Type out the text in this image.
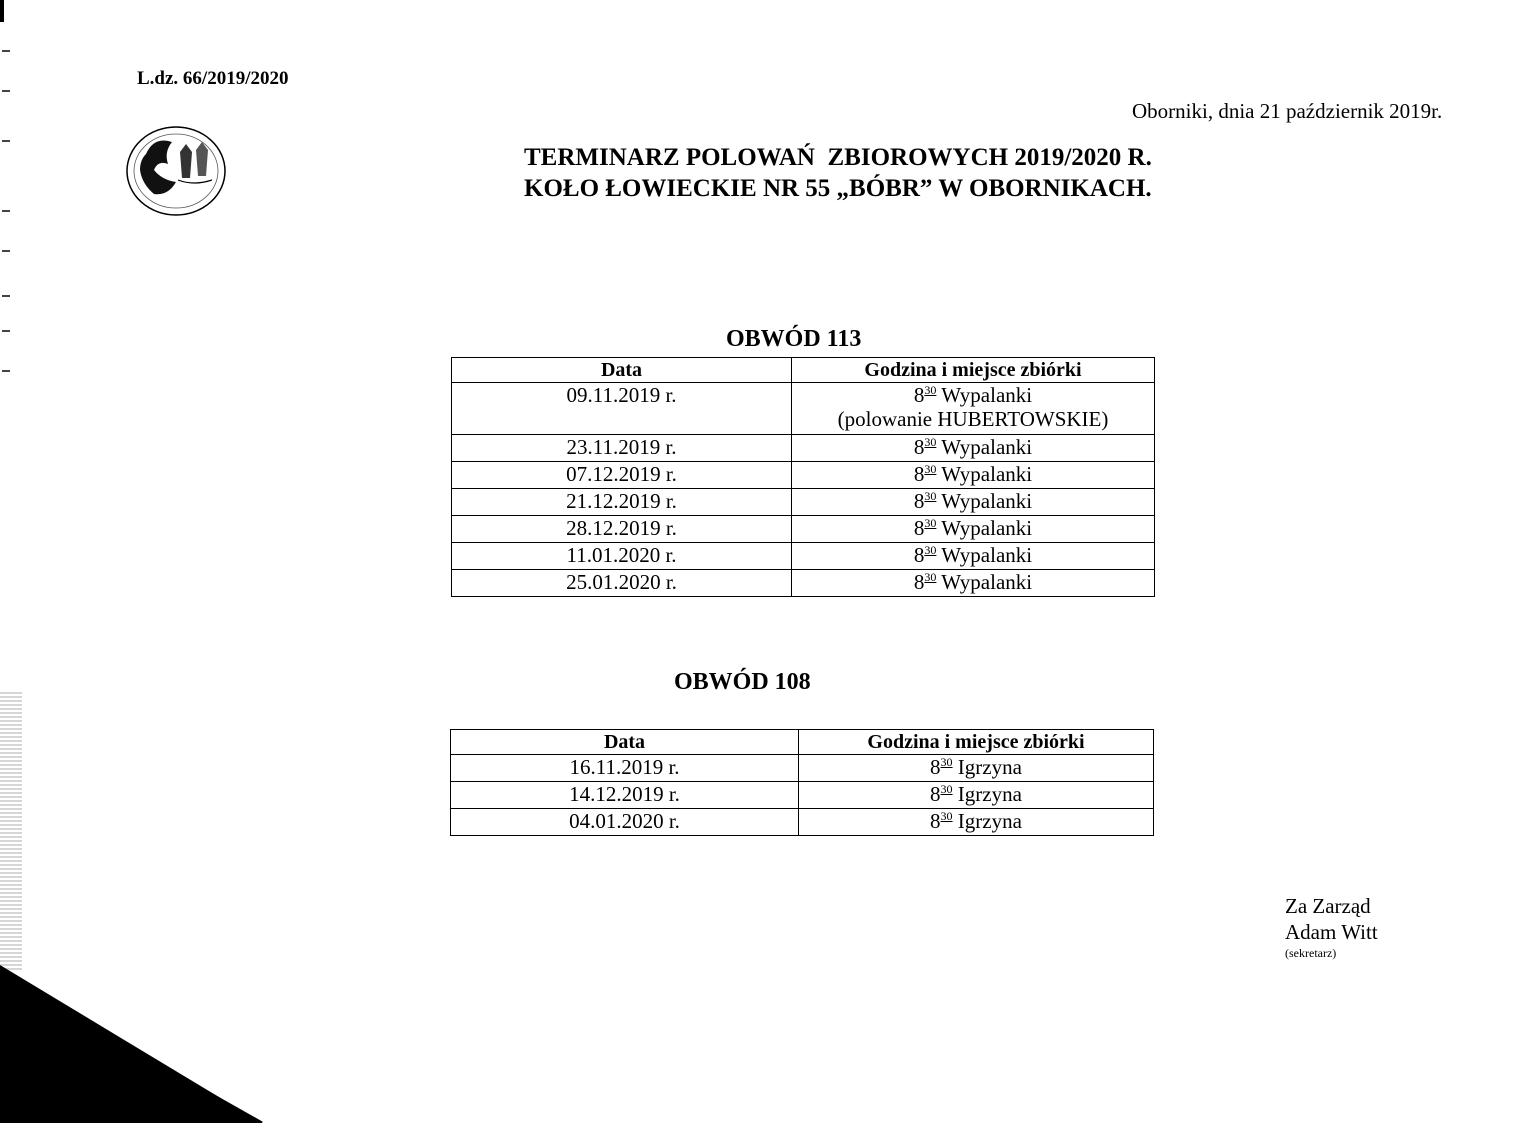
L.dz. 66/2019/2020
Oborniki, dnia 21 październik 2019r.
TERMINARZ POLOWAŃ  ZBIOROWYCH 2019/2020 R.
KOŁO ŁOWIECKIE NR 55 „BÓBR” W OBORNIKACH.
OBWÓD 113
Data	Godzina i miejsce zbiórki
09.11.2019 r.	$8^{30}$ Wypalanki
(polowanie HUBERTOWSKIE)
23.11.2019 r.	$8^{30}$ Wypalanki
07.12.2019 r.	$8^{30}$ Wypalanki
21.12.2019 r.	$8^{30}$ Wypalanki
28.12.2019 r.	$8^{30}$ Wypalanki
11.01.2020 r.	$8^{30}$ Wypalanki
25.01.2020 r.	$8^{30}$ Wypalanki
OBWÓD 108
Data	Godzina i miejsce zbiórki
16.11.2019 r.	$8^{30}$ Igrzyna
14.12.2019 r.	$8^{30}$ Igrzyna
04.01.2020 r.	$8^{30}$ Igrzyna
Za Zarząd
Adam Witt
(sekretarz)
